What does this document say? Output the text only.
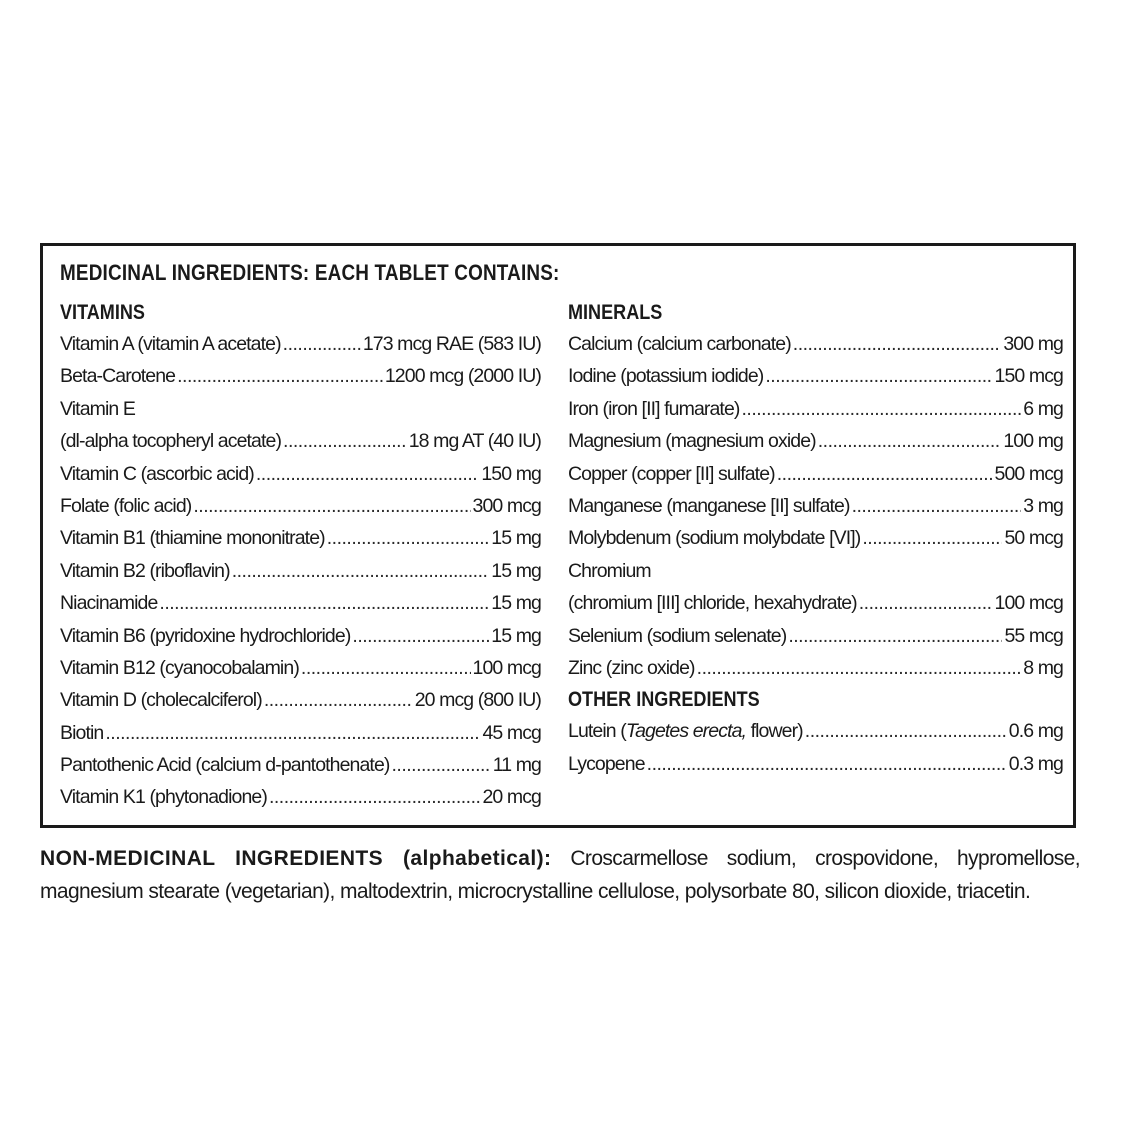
MEDICINAL INGREDIENTS: EACH TABLET CONTAINS:
VITAMINS
Vitamin A (vitamin A acetate) .....	173 mcg RAE (583 IU)
Beta-Carotene .....	1200 mcg (2000 IU)
Vitamin E
(dl-alpha tocopheryl acetate) .....	18 mg AT (40 IU)
Vitamin C (ascorbic acid) .....	150 mg
Folate (folic acid) .....	300 mcg
Vitamin B1 (thiamine mononitrate) .....	15 mg
Vitamin B2 (riboflavin) .....	15 mg
Niacinamide .....	15 mg
Vitamin B6 (pyridoxine hydrochloride) .....	15 mg
Vitamin B12 (cyanocobalamin) .....	100 mcg
Vitamin D (cholecalciferol) .....	20 mcg (800 IU)
Biotin .....	45 mcg
Pantothenic Acid (calcium d-pantothenate) .....	11 mg
Vitamin K1 (phytonadione) .....	20 mcg
MINERALS
Calcium (calcium carbonate) .....	300 mg
Iodine (potassium iodide) .....	150 mcg
Iron (iron [II] fumarate) .....	6 mg
Magnesium (magnesium oxide) .....	100 mg
Copper (copper [II] sulfate) .....	500 mcg
Manganese (manganese [II] sulfate) .....	3 mg
Molybdenum (sodium molybdate [VI]) .....	50 mcg
Chromium
(chromium [III] chloride, hexahydrate) .....	100 mcg
Selenium (sodium selenate) .....	55 mcg
Zinc (zinc oxide) .....	8 mg
OTHER INGREDIENTS
Lutein (Tagetes erecta, flower) .....	0.6 mg
Lycopene .....	0.3 mg
NON-MEDICINAL INGREDIENTS (alphabetical): Croscarmellose sodium, crospovidone, hypromellose, magnesium stearate (vegetarian), maltodextrin, microcrystalline cellulose, polysorbate 80, silicon dioxide, triacetin.
